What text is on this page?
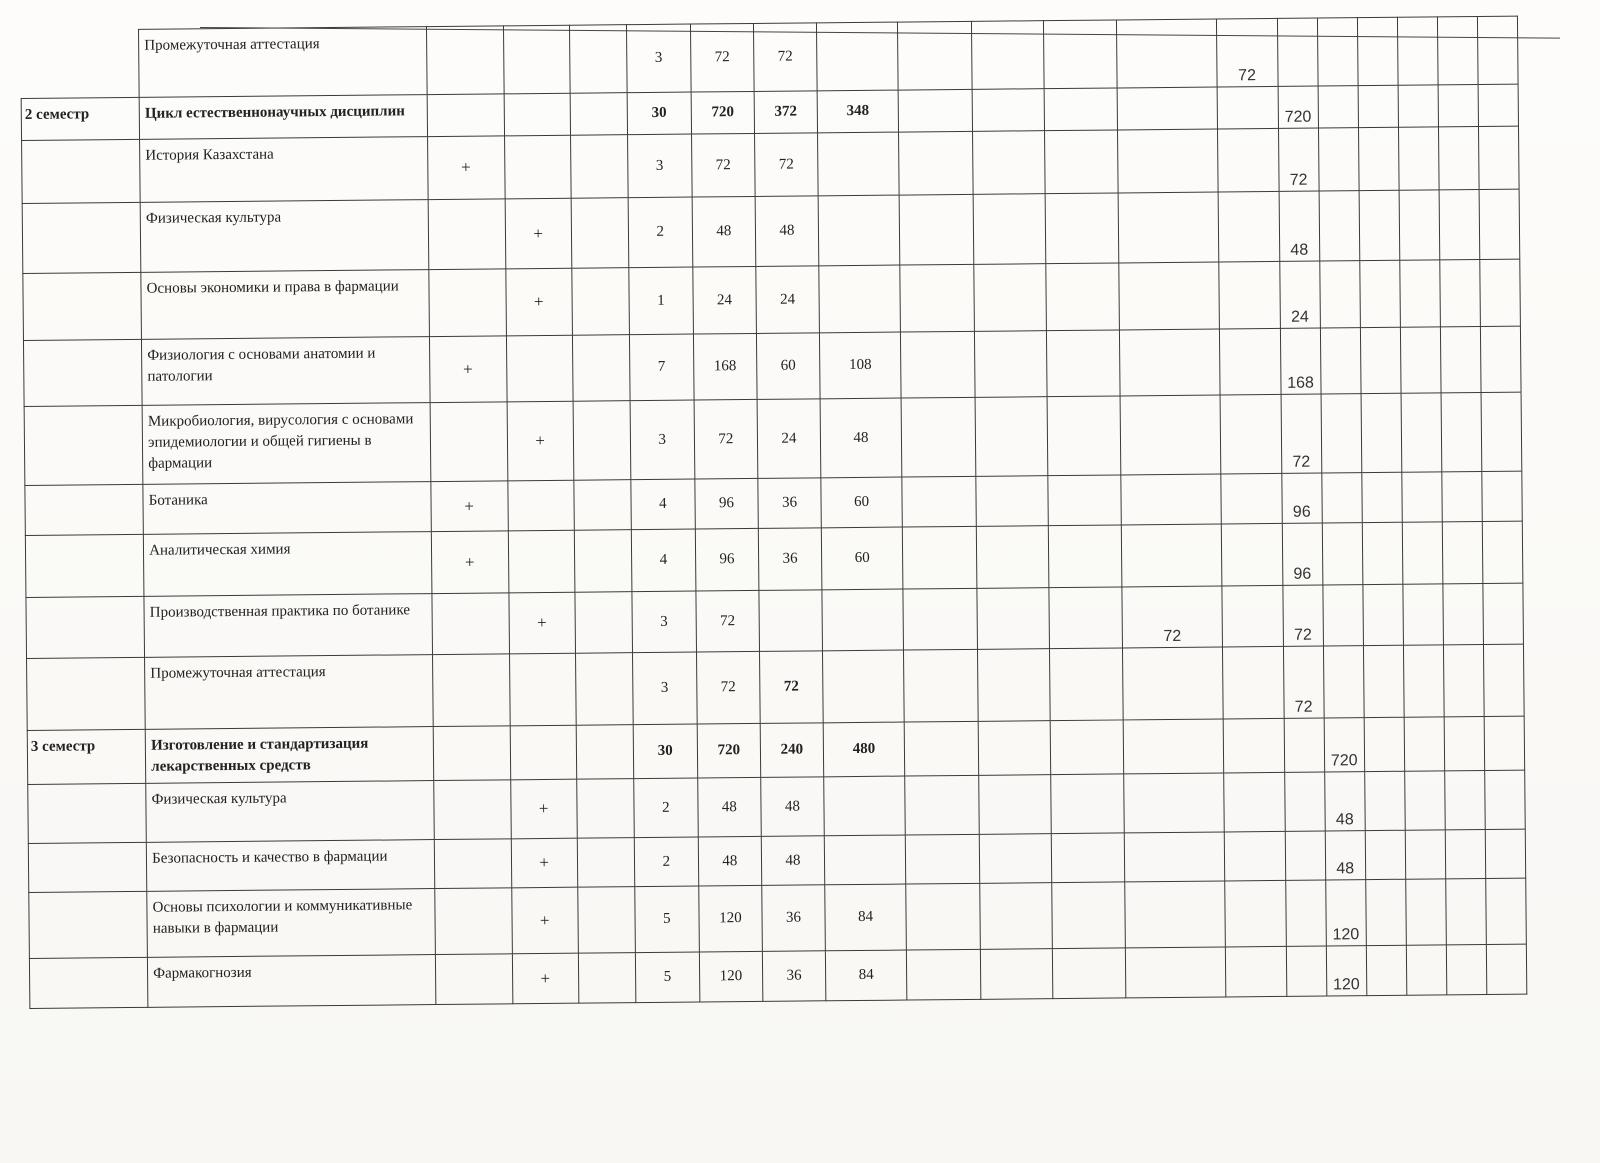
	Промежуточная аттестация				3	72	72						72						
2 семестр	Цикл естественнонаучных дисциплин				30	720	372	348						720					
	История Казахстана	+			3	72	72							72					
	Физическая культура		+		2	48	48							48					
	Основы экономики и права в фармации		+		1	24	24							24					
	Физиология с основами анатомии и патологии	+			7	168	60	108						168					
	Микробиология, вирусология с основами эпидемиологии и общей гигиены в фармации		+		3	72	24	48						72					
	Ботаника	+			4	96	36	60						96					
	Аналитическая химия	+			4	96	36	60						96					
	Производственная практика по ботанике		+		3	72						72		72					
	Промежуточная аттестация				3	72	72							72					
3 семестр	Изготовление и стандартизация лекарственных средств				30	720	240	480							720				
	Физическая культура		+		2	48	48								48				
	Безопасность и качество в фармации		+		2	48	48								48				
	Основы психологии и коммуникативные навыки в фармации		+		5	120	36	84							120				
	Фармакогнозия		+		5	120	36	84							120				
